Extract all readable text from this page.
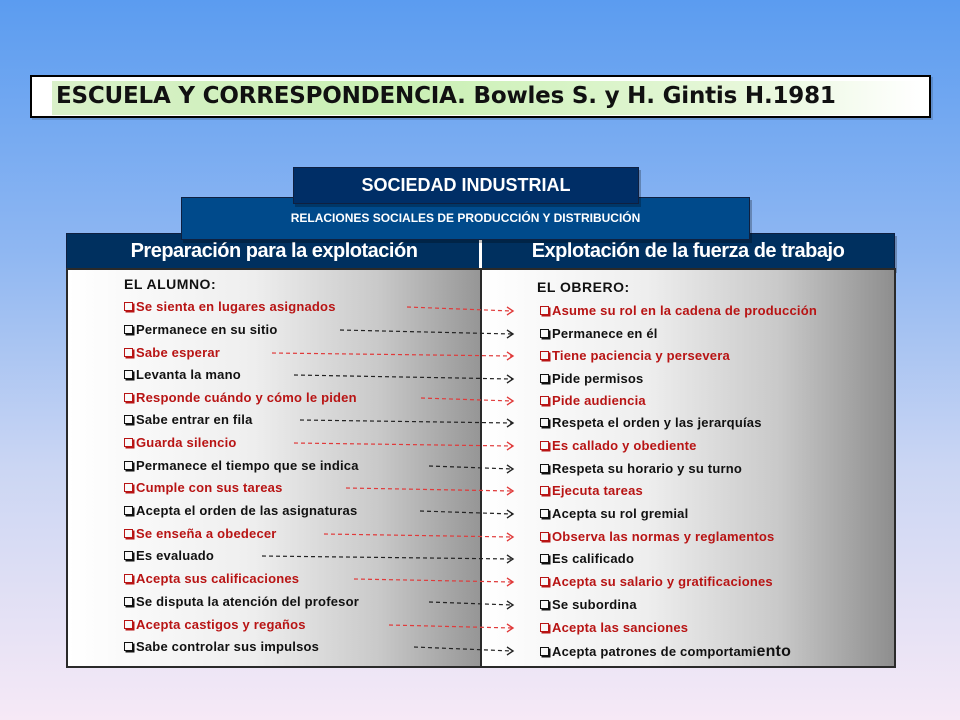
ESCUELA Y CORRESPONDENCIA. Bowles S. y H. Gintis H.1981
Preparación para la explotación	Explotación de la fuerza de trabajo
RELACIONES SOCIALES DE PRODUCCIÓN Y DISTRIBUCIÓN
SOCIEDAD INDUSTRIAL
EL ALUMNO:	EL OBRERO:
Se sienta en lugares asignados
Permanece en su sitio
Sabe esperar
Levanta la mano
Responde cuándo y cómo le piden
Sabe entrar en fila
Guarda silencio
Permanece el tiempo que se indica
Cumple con sus tareas
Acepta el orden de las asignaturas
Se enseña a obedecer
Es evaluado
Acepta sus calificaciones
Se disputa la atención del profesor
Acepta castigos y regaños
Sabe controlar sus impulsos
Asume su rol en la cadena de producción
Permanece en él
Tiene paciencia y persevera
Pide permisos
Pide audiencia
Respeta el orden y las jerarquías
Es callado y obediente
Respeta su horario y su turno
Ejecuta tareas
Acepta su rol gremial
Observa las normas y reglamentos
Es calificado
Acepta su salario y gratificaciones
Se subordina
Acepta las sanciones
Acepta patrones de comportamiento
